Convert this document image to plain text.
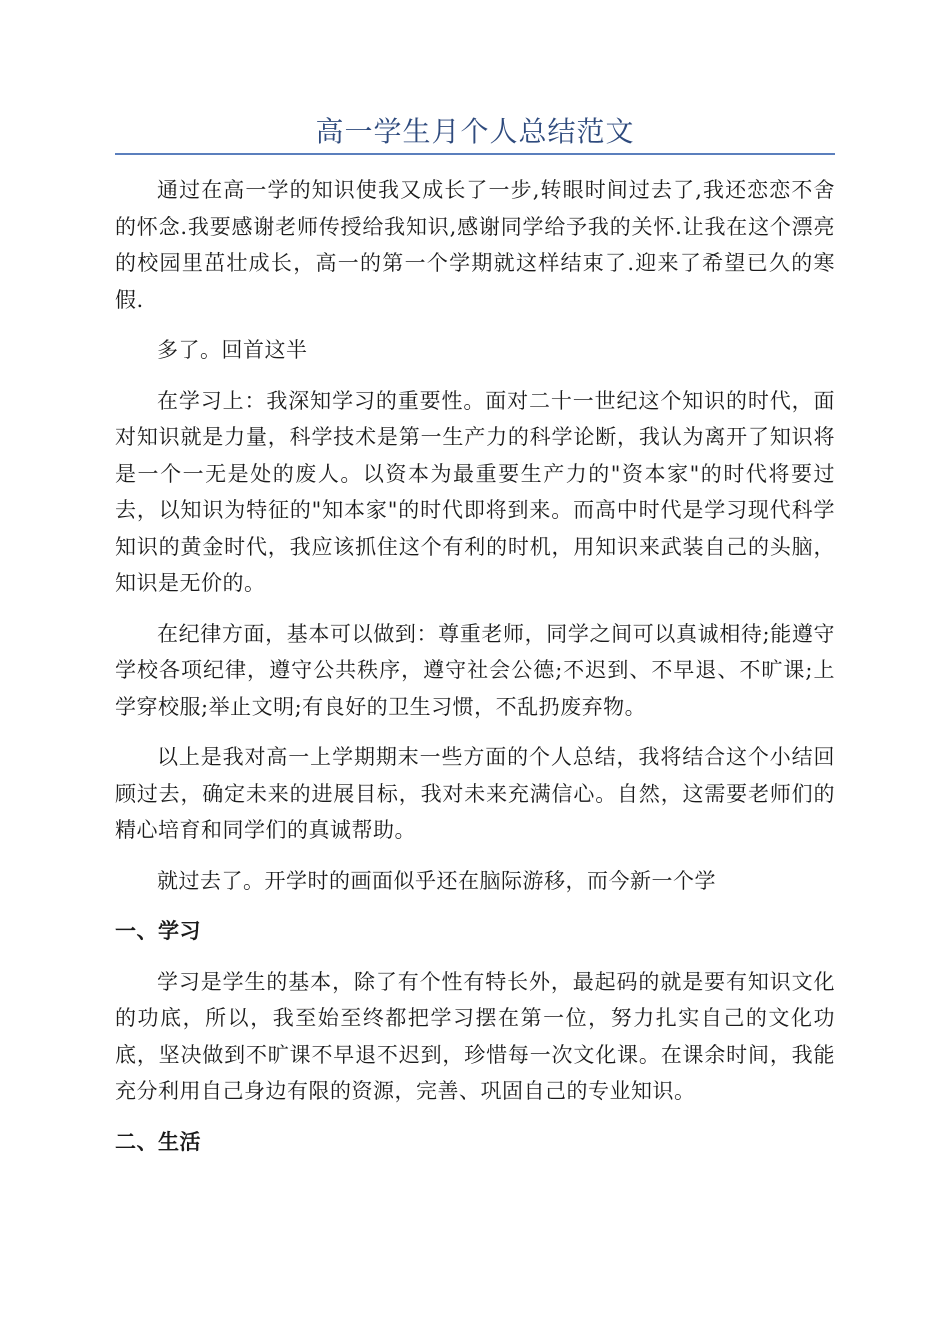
高一学生月个人总结范文

通过在高一学的知识使我又成长了一步,转眼时间过去了,我还恋恋不舍的怀念.我要感谢老师传授给我知识,感谢同学给予我的关怀.让我在这个漂亮的校园里茁壮成长，高一的第一个学期就这样结束了.迎来了希望已久的寒假.

多了。回首这半

在学习上：我深知学习的重要性。面对二十一世纪这个知识的时代，面对知识就是力量，科学技术是第一生产力的科学论断，我认为离开了知识将是一个一无是处的废人。以资本为最重要生产力的"资本家"的时代将要过去，以知识为特征的"知本家"的时代即将到来。而高中时代是学习现代科学知识的黄金时代，我应该抓住这个有利的时机，用知识来武装自己的头脑，知识是无价的。

在纪律方面，基本可以做到：尊重老师，同学之间可以真诚相待;能遵守学校各项纪律，遵守公共秩序，遵守社会公德;不迟到、不早退、不旷课;上学穿校服;举止文明;有良好的卫生习惯，不乱扔废弃物。

以上是我对高一上学期期末一些方面的个人总结，我将结合这个小结回顾过去，确定未来的进展目标，我对未来充满信心。自然，这需要老师们的精心培育和同学们的真诚帮助。

就过去了。开学时的画面似乎还在脑际游移，而今新一个学

一、学习

学习是学生的基本，除了有个性有特长外，最起码的就是要有知识文化的功底，所以，我至始至终都把学习摆在第一位，努力扎实自己的文化功底，坚决做到不旷课不早退不迟到，珍惜每一次文化课。在课余时间，我能充分利用自己身边有限的资源，完善、巩固自己的专业知识。

二、生活
